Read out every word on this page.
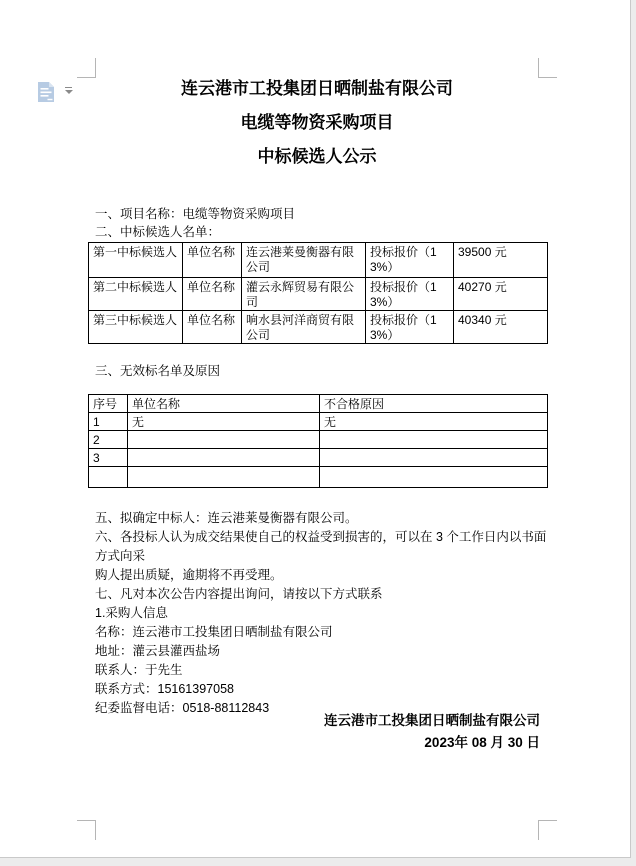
连云港市工投集团日晒制盐有限公司
电缆等物资采购项目
中标候选人公示
一、项目名称：电缆等物资采购项目
二、中标候选人名单：
第一中标候选人	单位名称	连云港莱曼衡器有限公司	投标报价（13%）	39500 元
第二中标候选人	单位名称	灌云永辉贸易有限公司	投标报价（13%）	40270 元
第三中标候选人	单位名称	响水县河洋商贸有限公司	投标报价（13%）	40340 元
三、无效标名单及原因
序号	单位名称	不合格原因
1	无	无
2		
3		

五、拟确定中标人：连云港莱曼衡器有限公司。
六、各投标人认为成交结果使自己的权益受到损害的，可以在 3 个工作日内以书面方式向采
购人提出质疑，逾期将不再受理。
七、凡对本次公告内容提出询问，请按以下方式联系
1.采购人信息
名称：连云港市工投集团日晒制盐有限公司
地址：灌云县灌西盐场
联系人：于先生
联系方式：15161397058
纪委监督电话：0518-88112843
连云港市工投集团日晒制盐有限公司
2023年 08 月 30 日
